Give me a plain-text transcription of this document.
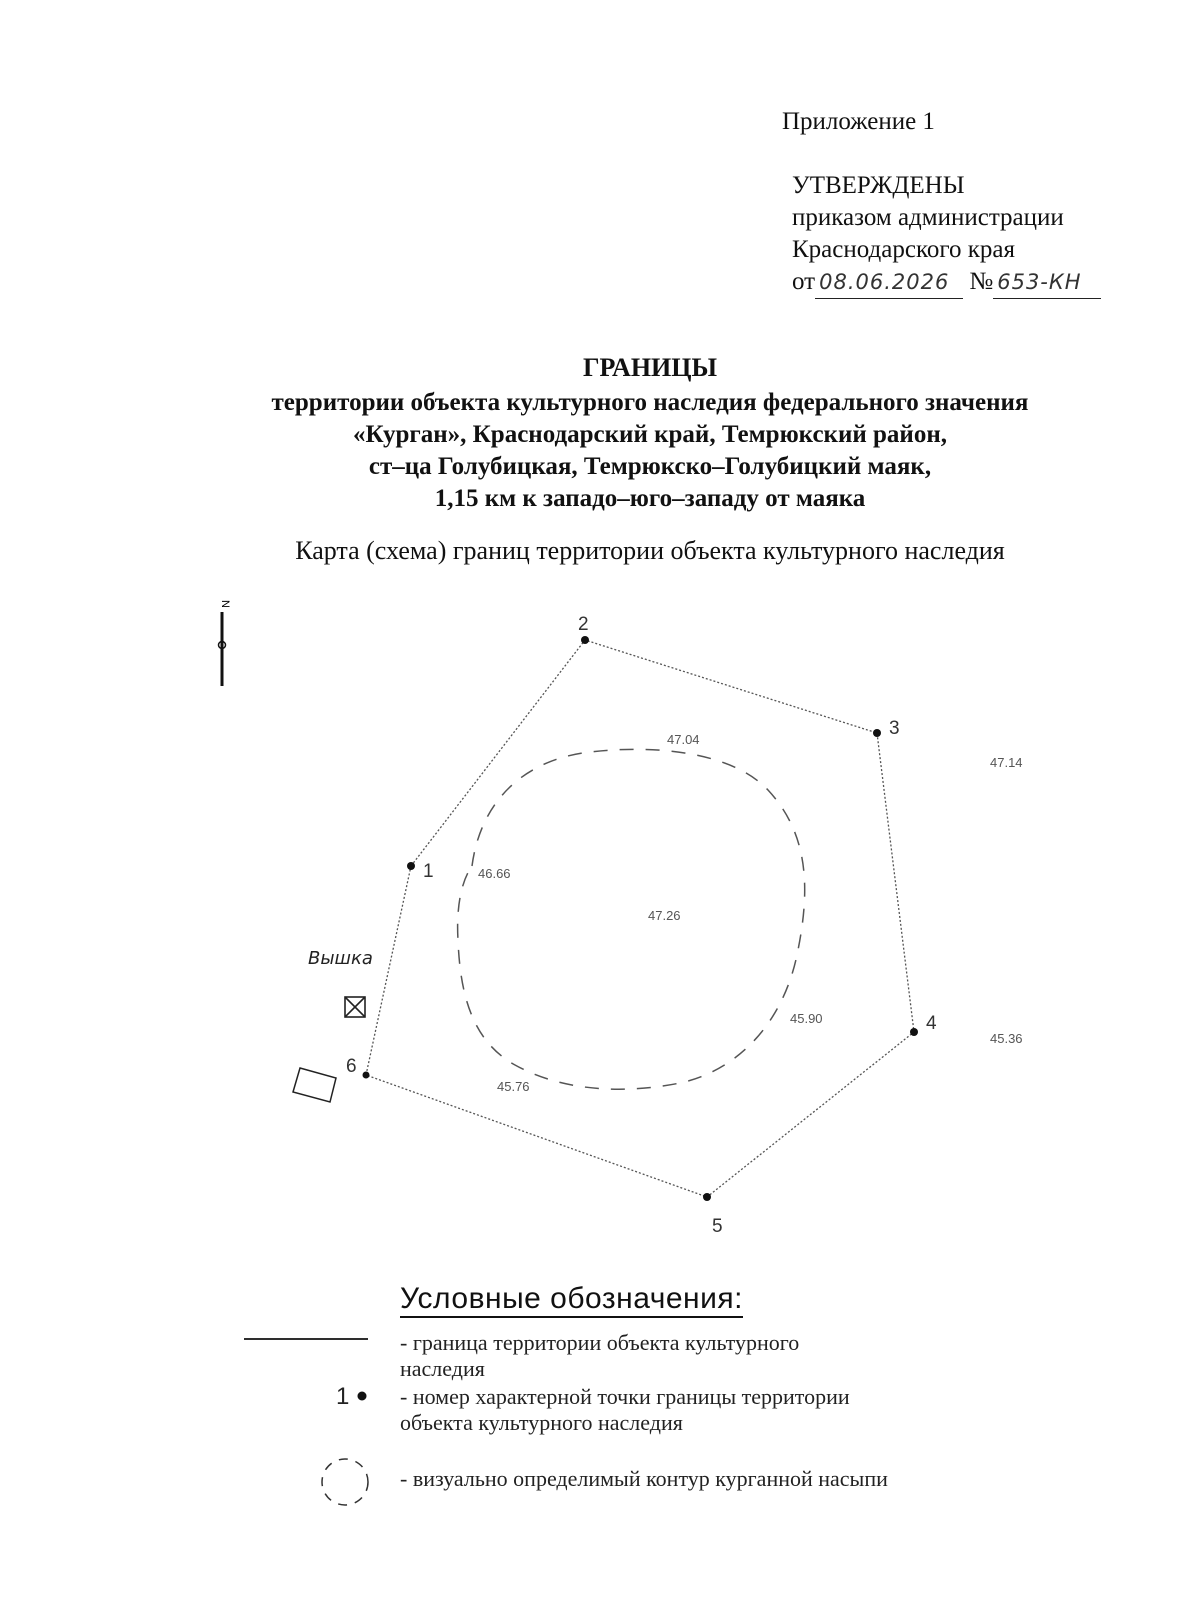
Приложение 1
УТВЕРЖДЕНЫ
приказом администрации
Краснодарского края
от 08.06.2026 № 653-КН
ГРАНИЦЫ
территории объекта культурного наследия федерального значения
«Курган», Краснодарский край, Темрюкский район,
ст–ца Голубицкая, Темрюкско–Голубицкий маяк,
1,15 км к западо–юго–западу от маяка
Карта (схема) границ территории объекта культурного наследия
N
1
2
3
4
5
6
47.04
47.14
46.66
47.26
45.90
45.36
45.76
Вышка
Условные обозначения:
- граница территории объекта культурного
наследия
1 - номер характерной точки границы территории
объекта культурного наследия
- визуально определимый контур курганной насыпи
